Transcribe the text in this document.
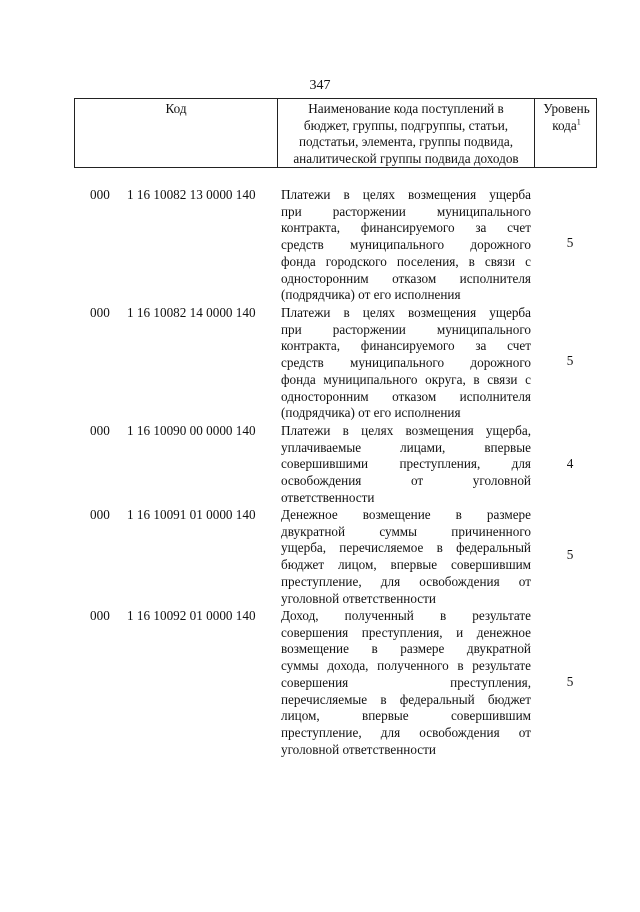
347
Код	Наименование кода поступлений в
бюджет, группы, подгруппы, статьи,
подстатьи, элемента, группы подвида,
аналитической группы подвида доходов
Уровень
кода$^1$
000 1 16 10082 13 0000 140 Платежи в целях возмещения ущерба
при расторжении муниципального
контракта, финансируемого за счет
средств муниципального дорожного
фонда городского поселения, в связи с
односторонним отказом исполнителя
(подрядчика) от его исполнения
5
000 1 16 10082 14 0000 140 Платежи в целях возмещения ущерба
при расторжении муниципального
контракта, финансируемого за счет
средств муниципального дорожного
фонда муниципального округа, в связи с
односторонним отказом исполнителя
(подрядчика) от его исполнения
5
000 1 16 10090 00 0000 140 Платежи в целях возмещения ущерба,
уплачиваемые лицами, впервые
совершившими преступления, для
освобождения от уголовной
ответственности
4
000 1 16 10091 01 0000 140 Денежное возмещение в размере
двукратной суммы причиненного
ущерба, перечисляемое в федеральный
бюджет лицом, впервые совершившим
преступление, для освобождения от
уголовной ответственности
5
000 1 16 10092 01 0000 140 Доход, полученный в результате
совершения преступления, и денежное
возмещение в размере двукратной
суммы дохода, полученного в результате
совершения преступления,
перечисляемые в федеральный бюджет
лицом, впервые совершившим
преступление, для освобождения от
уголовной ответственности
5
